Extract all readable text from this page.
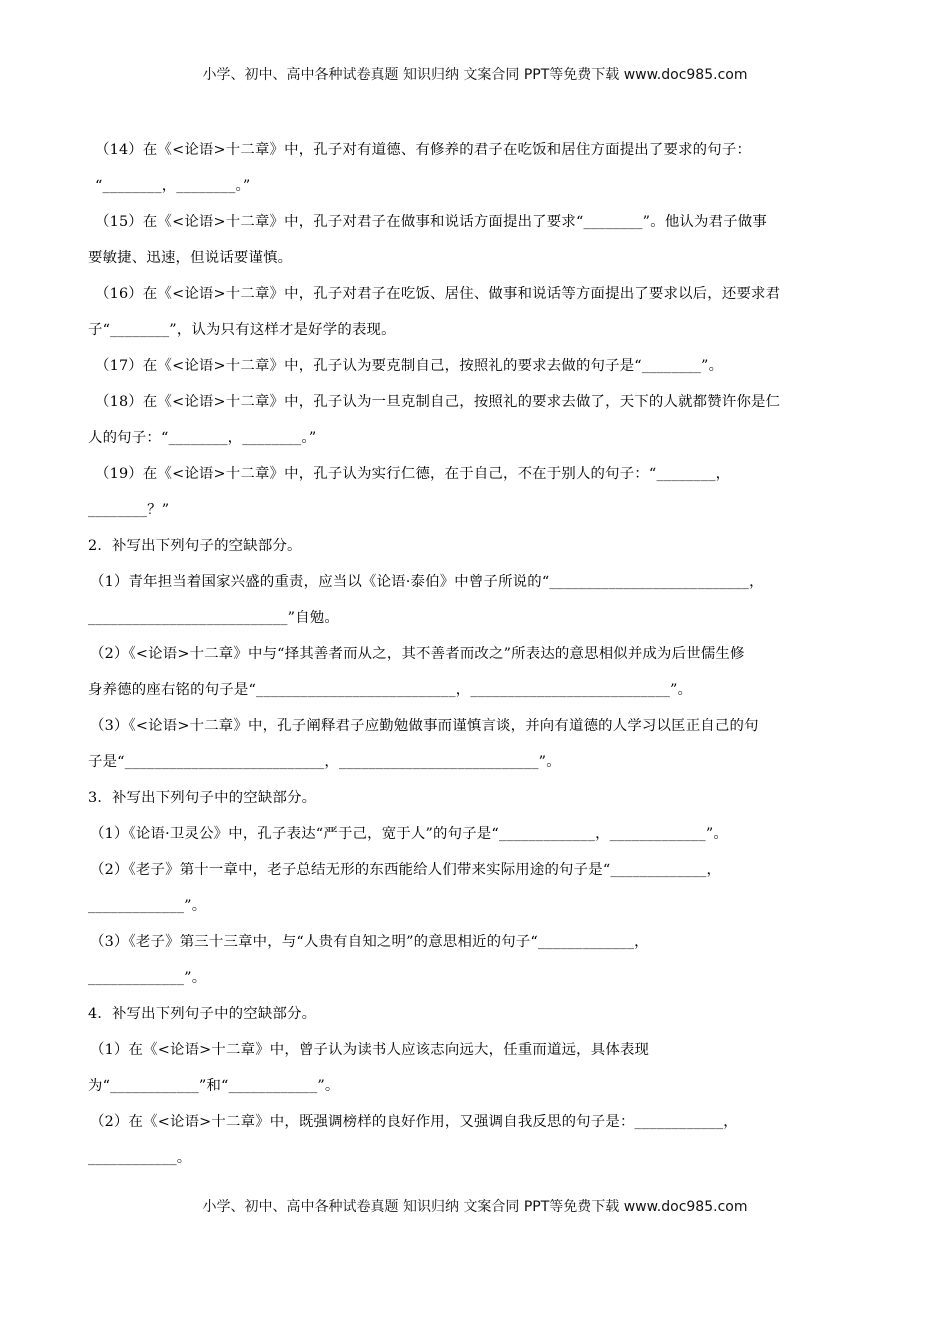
小学、初中、高中各种试卷真题 知识归纳 文案合同 PPT等免费下载 www.doc985.com
（14）在《<论语>十二章》中，孔子对有道德、有修养的君子在吃饭和居住方面提出了要求的句子：
“________，________。”
（15）在《<论语>十二章》中，孔子对君子在做事和说话方面提出了要求“________”。他认为君子做事
要敏捷、迅速，但说话要谨慎。
（16）在《<论语>十二章》中，孔子对君子在吃饭、居住、做事和说话等方面提出了要求以后，还要求君
子“________”，认为只有这样才是好学的表现。
（17）在《<论语>十二章》中，孔子认为要克制自己，按照礼的要求去做的句子是“________”。
（18）在《<论语>十二章》中，孔子认为一旦克制自己，按照礼的要求去做了，天下的人就都赞许你是仁
人的句子：“________，________。”
（19）在《<论语>十二章》中，孔子认为实行仁德，在于自己，不在于别人的句子：“________，
________？”
2．补写出下列句子的空缺部分。
（1）青年担当着国家兴盛的重责，应当以《论语·泰伯》中曾子所说的“___________________________，
___________________________”自勉。
（2）《<论语>十二章》中与“择其善者而从之，其不善者而改之”所表达的意思相似并成为后世儒生修
身养德的座右铭的句子是“___________________________，___________________________”。
（3）《<论语>十二章》中，孔子阐释君子应勤勉做事而谨慎言谈，并向有道德的人学习以匡正自己的句
子是“___________________________，___________________________”。
3．补写出下列句子中的空缺部分。
（1）《论语·卫灵公》中，孔子表达“严于己，宽于人”的句子是“_____________，_____________”。
（2）《老子》第十一章中，老子总结无形的东西能给人们带来实际用途的句子是“_____________，
_____________”。
（3）《老子》第三十三章中，与“人贵有自知之明”的意思相近的句子“_____________，
_____________”。
4．补写出下列句子中的空缺部分。
（1）在《<论语>十二章》中，曾子认为读书人应该志向远大，任重而道远，具体表现
为“____________”和“____________”。
（2）在《<论语>十二章》中，既强调榜样的良好作用，又强调自我反思的句子是：____________，
____________。
小学、初中、高中各种试卷真题 知识归纳 文案合同 PPT等免费下载 www.doc985.com
